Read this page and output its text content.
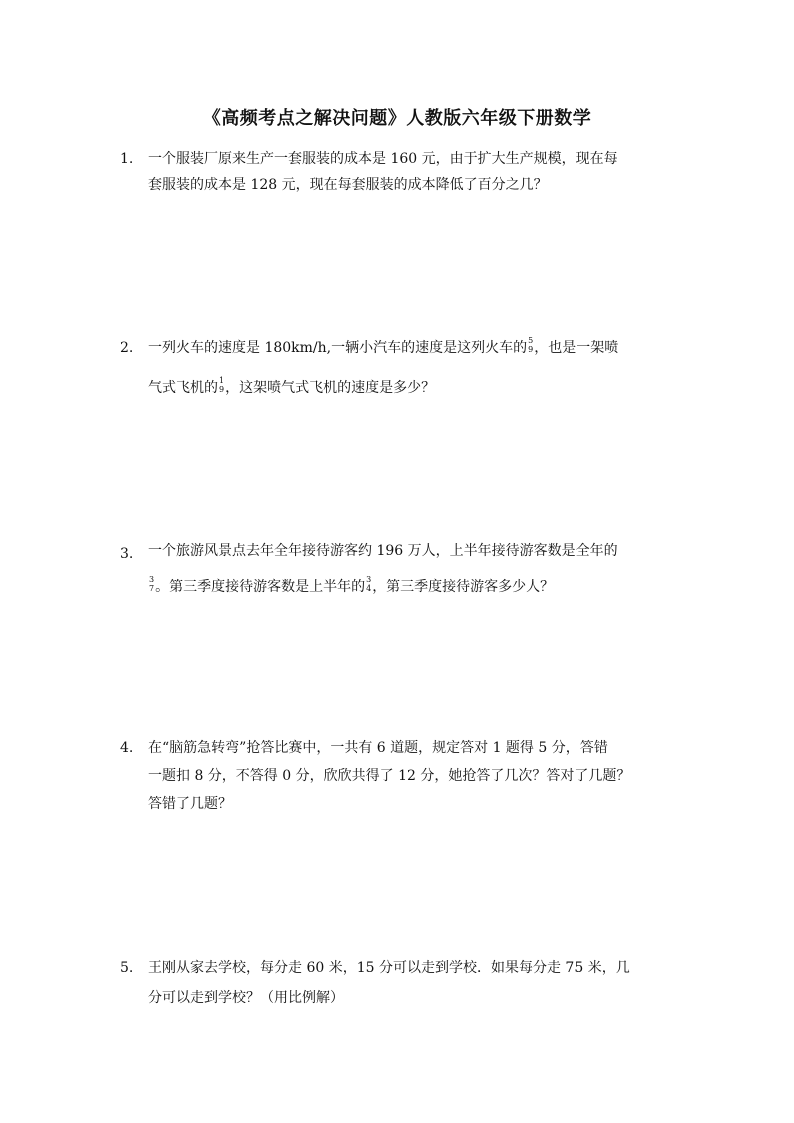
《高频考点之解决问题》人教版六年级下册数学
1.	一个服装厂原来生产一套服装的成本是 160 元，由于扩大生产规模，现在每
套服装的成本是 128 元，现在每套服装的成本降低了百分之几？
2.	一列火车的速度是 180km/h,一辆小汽车的速度是这列火车的 5
9 ，也是一架喷
气式飞机的 1
9 ，这架喷气式飞机的速度是多少？
3.	一个旅游风景点去年全年接待游客约 196 万人，上半年接待游客数是全年的
3
7 。第三季度接待游客数是上半年的 3
4 ，第三季度接待游客多少人？
4.	在“脑筋急转弯”抢答比赛中，一共有 6 道题，规定答对 1 题得 5 分，答错
一题扣 8 分，不答得 0 分，欣欣共得了 12 分，她抢答了几次？答对了几题？
答错了几题？
5.	王刚从家去学校，每分走 60 米，15 分可以走到学校．如果每分走 75 米，几
分可以走到学校？（用比例解）
